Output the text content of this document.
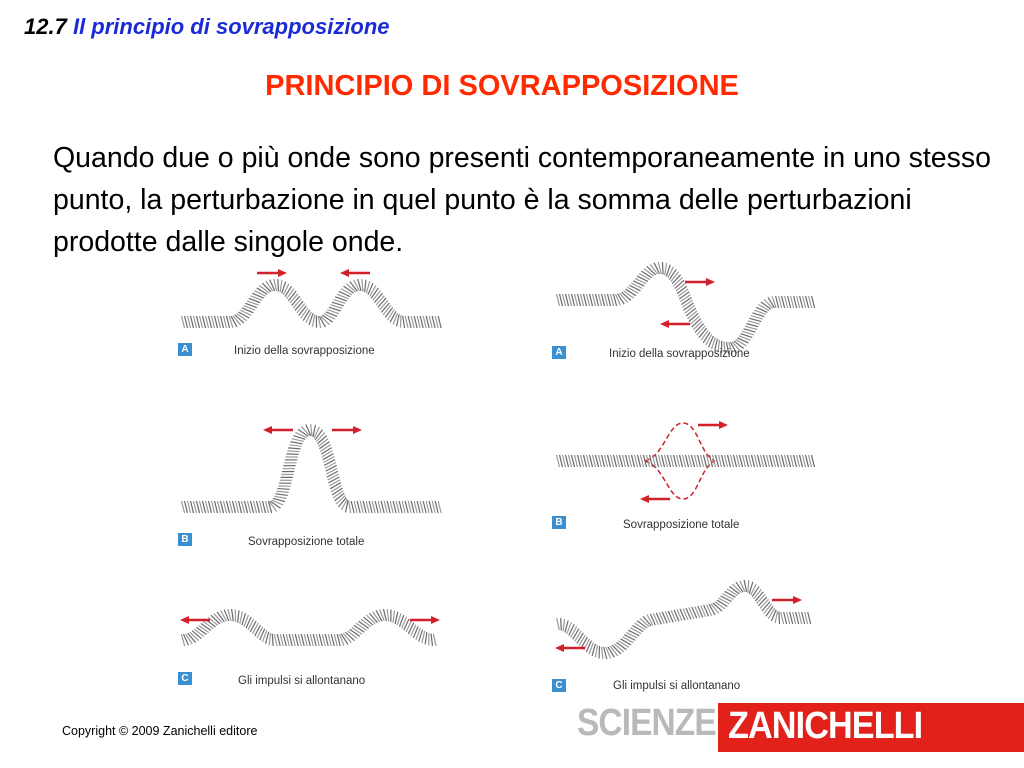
12.7 Il principio di sovrapposizione
PRINCIPIO DI SOVRAPPOSIZIONE
Quando due o più onde sono presenti contemporaneamente in uno stesso punto, la perturbazione in quel punto è la somma delle perturbazioni prodotte dalle singole onde.
A	Inizio della sovrapposizione
B	Sovrapposizione totale
C	Gli impulsi si allontanano
A	Inizio della sovrapposizione
B	Sovrapposizione totale
C	Gli impulsi si allontanano
Copyright © 2009 Zanichelli editore	SCIENZE ZANICHELLI
